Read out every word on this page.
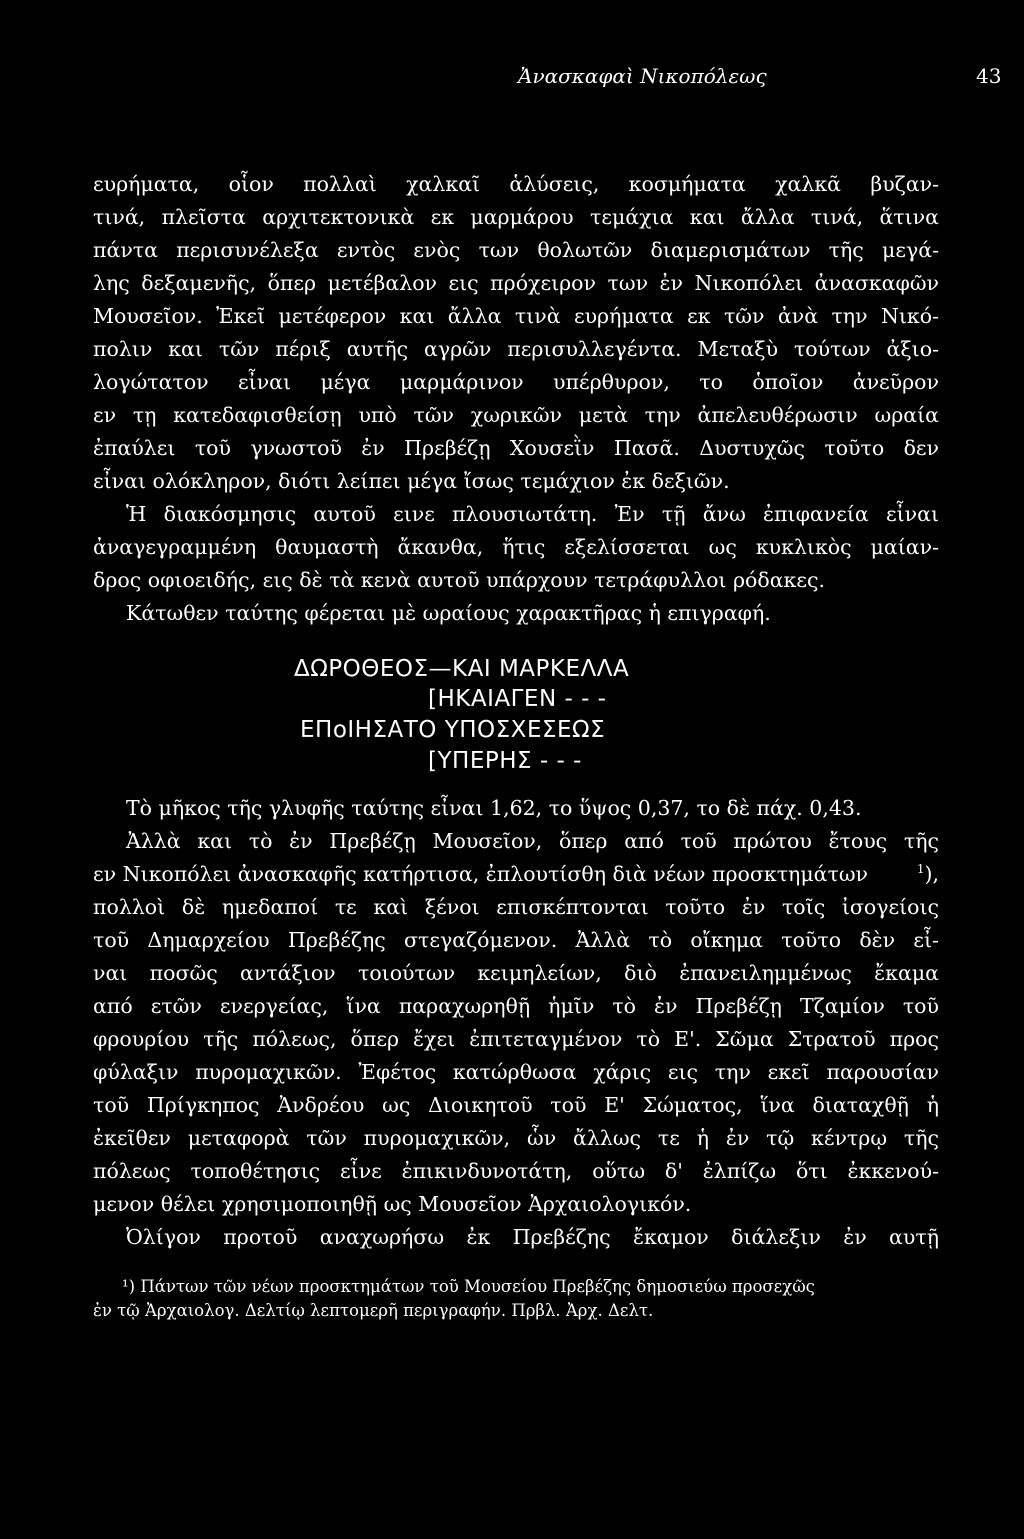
Ἀνασκαφαὶ Νικοπόλεως	43
ευρήματα, οἷον πολλαὶ χαλκαῖ ἁλύσεις, κοσμήματα χαλκᾶ βυζαν-
τινά, πλεῖστα αρχιτεκτονικὰ εκ μαρμάρου τεμάχια και ἄλλα τινά, ἅτινα
πάντα περισυνέλεξα εντὸς ενὸς των θολωτῶν διαμερισμάτων τῆς μεγά-
λης δεξαμενῆς, ὅπερ μετέβαλον εις πρόχειρον των ἐν Νικοπόλει ἀνασκαφῶν
Μουσεῖον. Ἐκεῖ μετέφερον και ἄλλα τινὰ ευρήματα εκ τῶν ἀνὰ την Νικό-
πολιν και τῶν πέριξ αυτῆς αγρῶν περισυλλεγέντα. Μεταξὺ τούτων ἀξιο-
λογώτατον εἶναι μέγα μαρμάρινον υπέρθυρον, το ὁποῖον ἀνεῦρον
εν τῃ κατεδαφισθείσῃ υπὸ τῶν χωρικῶν μετὰ την ἀπελευθέρωσιν ωραία
ἐπαύλει τοῦ γνωστοῦ ἐν Πρεβέζῃ Χουσεῒν Πασᾶ. Δυστυχῶς τοῦτο δεν
εἶναι ολόκληρον, διότι λείπει μέγα ἴσως τεμάχιον ἐκ δεξιῶν.
Ἡ διακόσμησις αυτοῦ εινε πλουσιωτάτη. Ἐν τῇ ἄνω ἐπιφανεία εἶναι
ἀναγεγραμμένη θαυμαστὴ ἄκανθα, ἥτις εξελίσσεται ως κυκλικὸς μαίαν-
δρος οφιοειδής, εις δὲ τὰ κενὰ αυτοῦ υπάρχουν τετράφυλλοι ρόδακες.
Κάτωθεν ταύτης φέρεται μὲ ωραίους χαρακτῆρας ἡ επιγραφή.
ΔΩΡΟΘΕΟΣ—ΚΑΙ ΜΑΡΚΕΛΛΑ
[ΗΚΑΙΑΓΕΝ - - -
ΕΠοΙΗΣΑΤΟ ΥΠΟΣΧΕΣΕΩΣ
[ΥΠΕΡΗΣ - - -
Τὸ μῆκος τῆς γλυφῆς ταύτης εἶναι 1,62, το ὕψος 0,37, το δὲ πάχ. 0,43.
Ἀλλὰ και τὸ ἐν Πρεβέζῃ Μουσεῖον, ὅπερ από τοῦ πρώτου ἔτους τῆς
εν Νικοπόλει ἀνασκαφῆς κατήρτισα, ἐπλουτίσθη διὰ νέων προσκτημάτων	$^1$),
πολλοὶ δὲ ημεδαποί τε καὶ ξένοι επισκέπτονται τοῦτο ἐν τοῖς ἰσογείοις
τοῦ Δημαρχείου Πρεβέζης στεγαζόμενον. Ἀλλὰ τὸ οἴκημα τοῦτο δὲν εἶ-
ναι ποσῶς αντάξιον τοιούτων κειμηλείων, διὸ ἐπανειλημμένως ἔκαμα
από ετῶν ενεργείας, ἵνα παραχωρηθῇ ἡμῖν τὸ ἐν Πρεβέζῃ Τζαμίον τοῦ
φρουρίου τῆς πόλεως, ὅπερ ἔχει ἐπιτεταγμένον τὸ Ε'. Σῶμα Στρατοῦ προς
φύλαξιν πυρομαχικῶν. Ἐφέτος κατώρθωσα χάρις εις την εκεῖ παρουσίαν
τοῦ Πρίγκηπος Ἀνδρέου ως Διοικητοῦ τοῦ Ε' Σώματος, ἵνα διαταχθῇ ἡ
ἐκεῖθεν μεταφορὰ τῶν πυρομαχικῶν, ὧν ἄλλως τε ἡ ἐν τῷ κέντρῳ τῆς
πόλεως τοποθέτησις εἶνε ἐπικινδυνοτάτη, οὕτω δ' ἐλπίζω ὅτι ἐκκενού-
μενον θέλει χρησιμοποιηθῇ ως Μουσεῖον Ἀρχαιολογικόν.
Ὀλίγον προτοῦ αναχωρήσω ἐκ Πρεβέζης ἔκαμον διάλεξιν ἐν αυτῇ
¹) Πάντων τῶν νέων προσκτημάτων τοῦ Μουσείου Πρεβέζης δημοσιεύω προσεχῶς
ἐν τῷ Ἀρχαιολογ. Δελτίῳ λεπτομερῆ περιγραφήν. Πρβλ. Ἀρχ. Δελτ.
